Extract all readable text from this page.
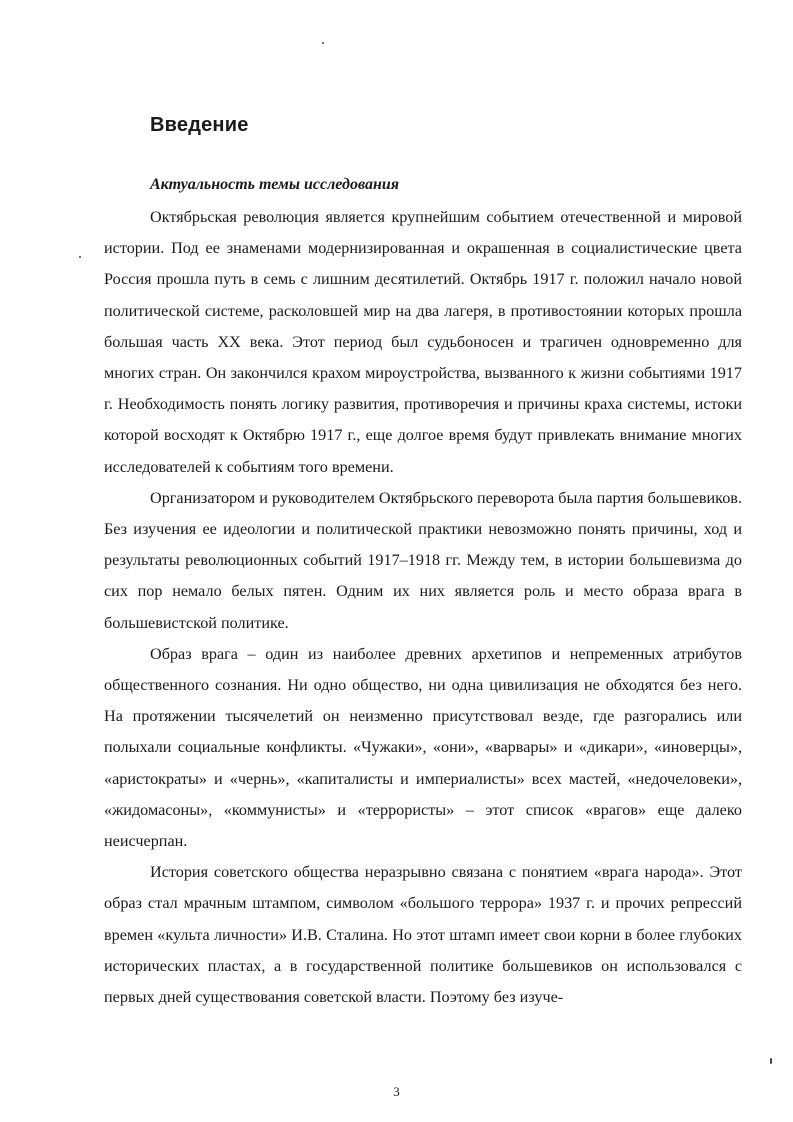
Введение
Актуальность темы исследования

Октябрьская революция является крупнейшим событием отечественной и мировой истории. Под ее знаменами модернизированная и окрашенная в социалистические цвета Россия прошла путь в семь с лишним десятилетий. Октябрь 1917 г. положил начало новой политической системе, расколовшей мир на два лагеря, в противостоянии которых прошла большая часть XX века. Этот период был судьбоносен и трагичен одновременно для многих стран. Он закончился крахом мироустройства, вызванного к жизни событиями 1917 г. Необходимость понять логику развития, противоречия и причины краха системы, истоки которой восходят к Октябрю 1917 г., еще долгое время будут привлекать внимание многих исследователей к событиям того времени.

Организатором и руководителем Октябрьского переворота была партия большевиков. Без изучения ее идеологии и политической практики невозможно понять причины, ход и результаты революционных событий 1917–1918 гг. Между тем, в истории большевизма до сих пор немало белых пятен. Одним их них является роль и место образа врага в большевистской политике.

Образ врага – один из наиболее древних архетипов и непременных атрибутов общественного сознания. Ни одно общество, ни одна цивилизация не обходятся без него. На протяжении тысячелетий он неизменно присутствовал везде, где разгорались или полыхали социальные конфликты. «Чужаки», «они», «варвары» и «дикари», «иноверцы», «аристократы» и «чернь», «капиталисты и империалисты» всех мастей, «недочеловеки», «жидомасоны», «коммунисты» и «террористы» – этот список «врагов» еще далеко неисчерпан.

История советского общества неразрывно связана с понятием «врага народа». Этот образ стал мрачным штампом, символом «большого террора» 1937 г. и прочих репрессий времен «культа личности» И.В. Сталина. Но этот штамп имеет свои корни в более глубоких исторических пластах, а в государственной политике большевиков он использовался с первых дней существования советской власти. Поэтому без изуче-

3
